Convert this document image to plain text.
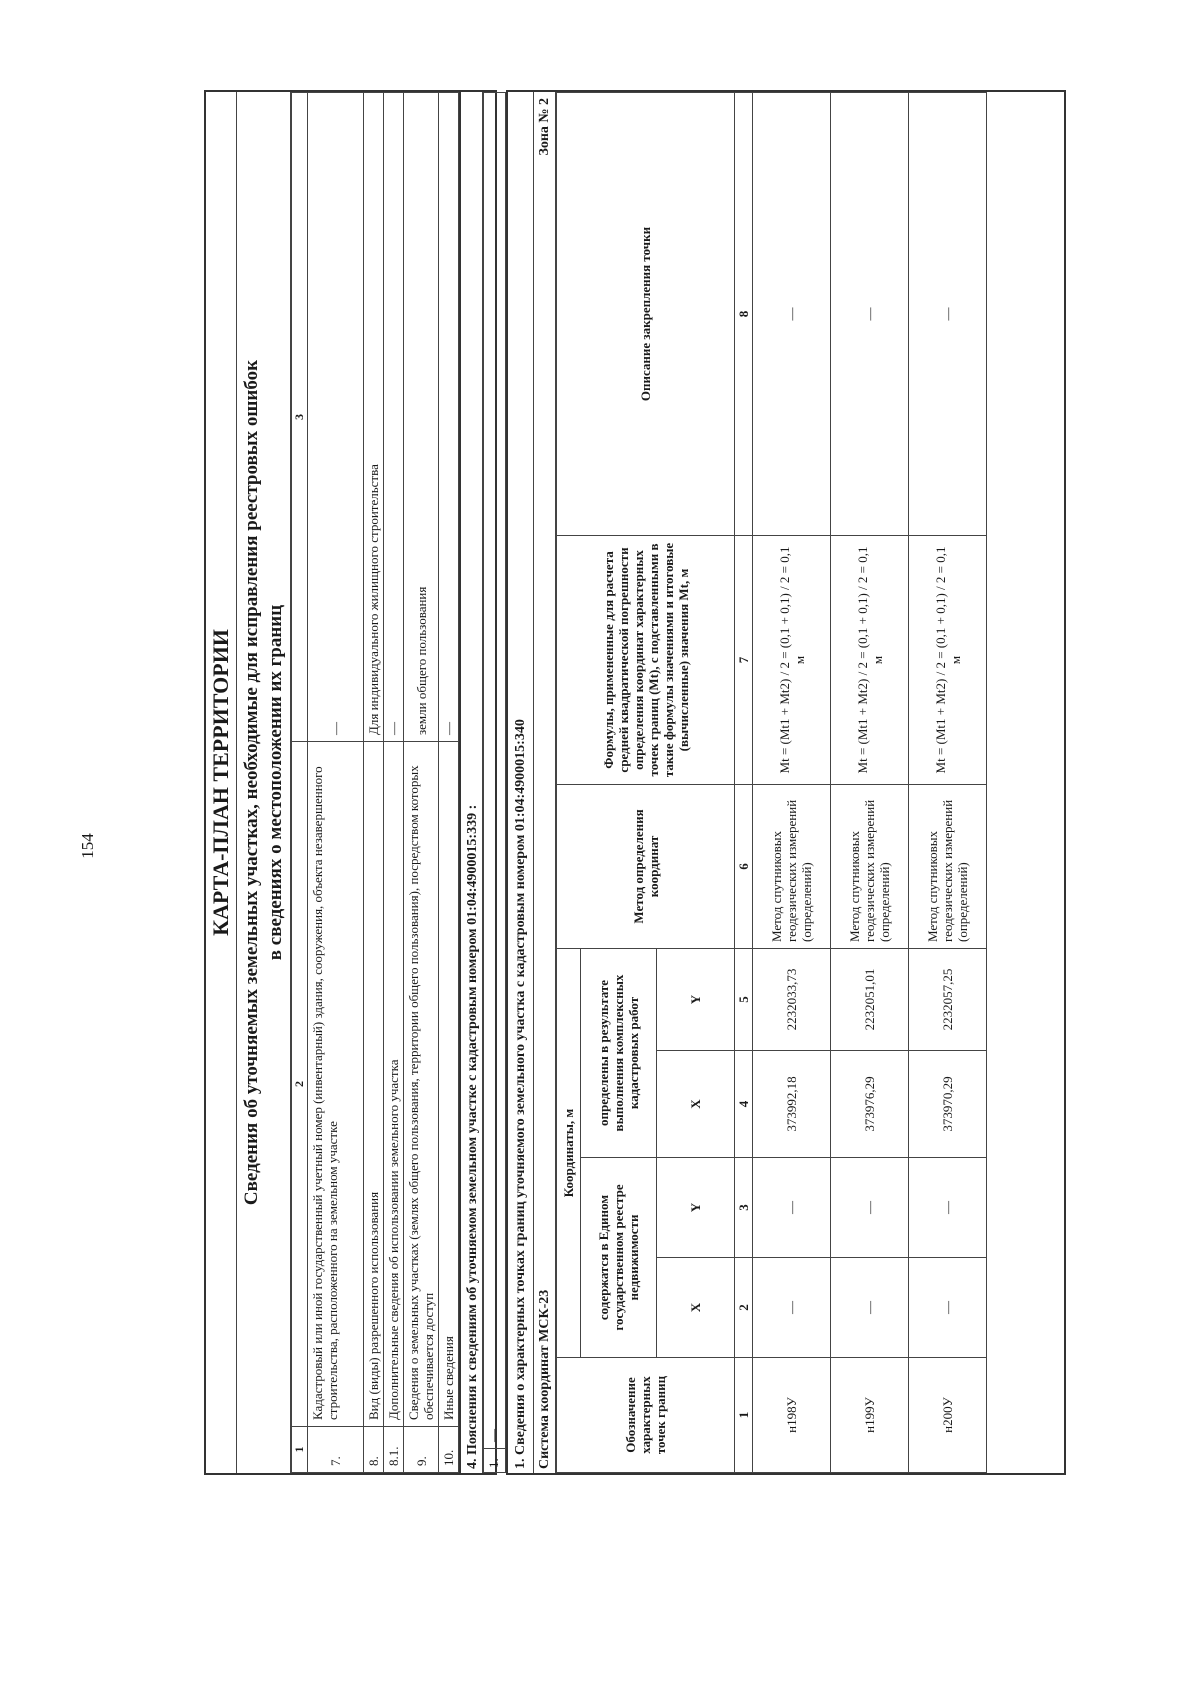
154	КАРТА-ПЛАН ТЕРРИТОРИИ Сведения об уточняемых земельных участках, необходимые для исправления реестровых ошибок в сведениях о местоположении их границ
1	2	3
7.	Кадастровый или иной государственный учетный номер (инвентарный) здания, сооружения, объекта незавершенного строительства, расположенного на земельном участке	—
8.	Вид (виды) разрешенного использования	Для индивидуального жилищного строительства
8.1.	Дополнительные сведения об использовании земельного участка	—
9.	Сведения о земельных участках (землях общего пользования, территории общего пользования), посредством которых обеспечивается доступ	земли общего пользования
10.	Иные сведения	—
4. Пояснения к сведениям об уточняемом земельном участке с кадастровым номером 01:04:4900015:339 : 1.	— 1. Сведения о характерных точках границ уточняемого земельного участка с кадастровым номером 01:04:4900015:340 Система координат МСК-23
Зона № 2
Обозначение характерных точек границ	Координаты, м				Метод определения координат	Формулы, примененные для расчета средней квадратической погрешности определения координат характерных точек границ (Mt), с подставленными в такие формулы значениями и итоговые (вычисленные) значения Mt, м	Описание закрепления точки
	содержатся в Едином государственном реестре недвижимости		определены в результате выполнения комплексных кадастровых работ				
	X	Y	X	Y			
1	2	3	4	5	6	7	8
н198У	—	—	373992,18	2232033,73	Метод спутниковых геодезических измерений (определений)	Mt = (Mt1 + Mt2) / 2 = (0,1 + 0,1) / 2 = 0,1 м	—
н199У	—	—	373976,29	2232051,01	Метод спутниковых геодезических измерений (определений)	Mt = (Mt1 + Mt2) / 2 = (0,1 + 0,1) / 2 = 0,1 м	—
н200У	—	—	373970,29	2232057,25	Метод спутниковых геодезических измерений (определений)	Mt = (Mt1 + Mt2) / 2 = (0,1 + 0,1) / 2 = 0,1 м	—
